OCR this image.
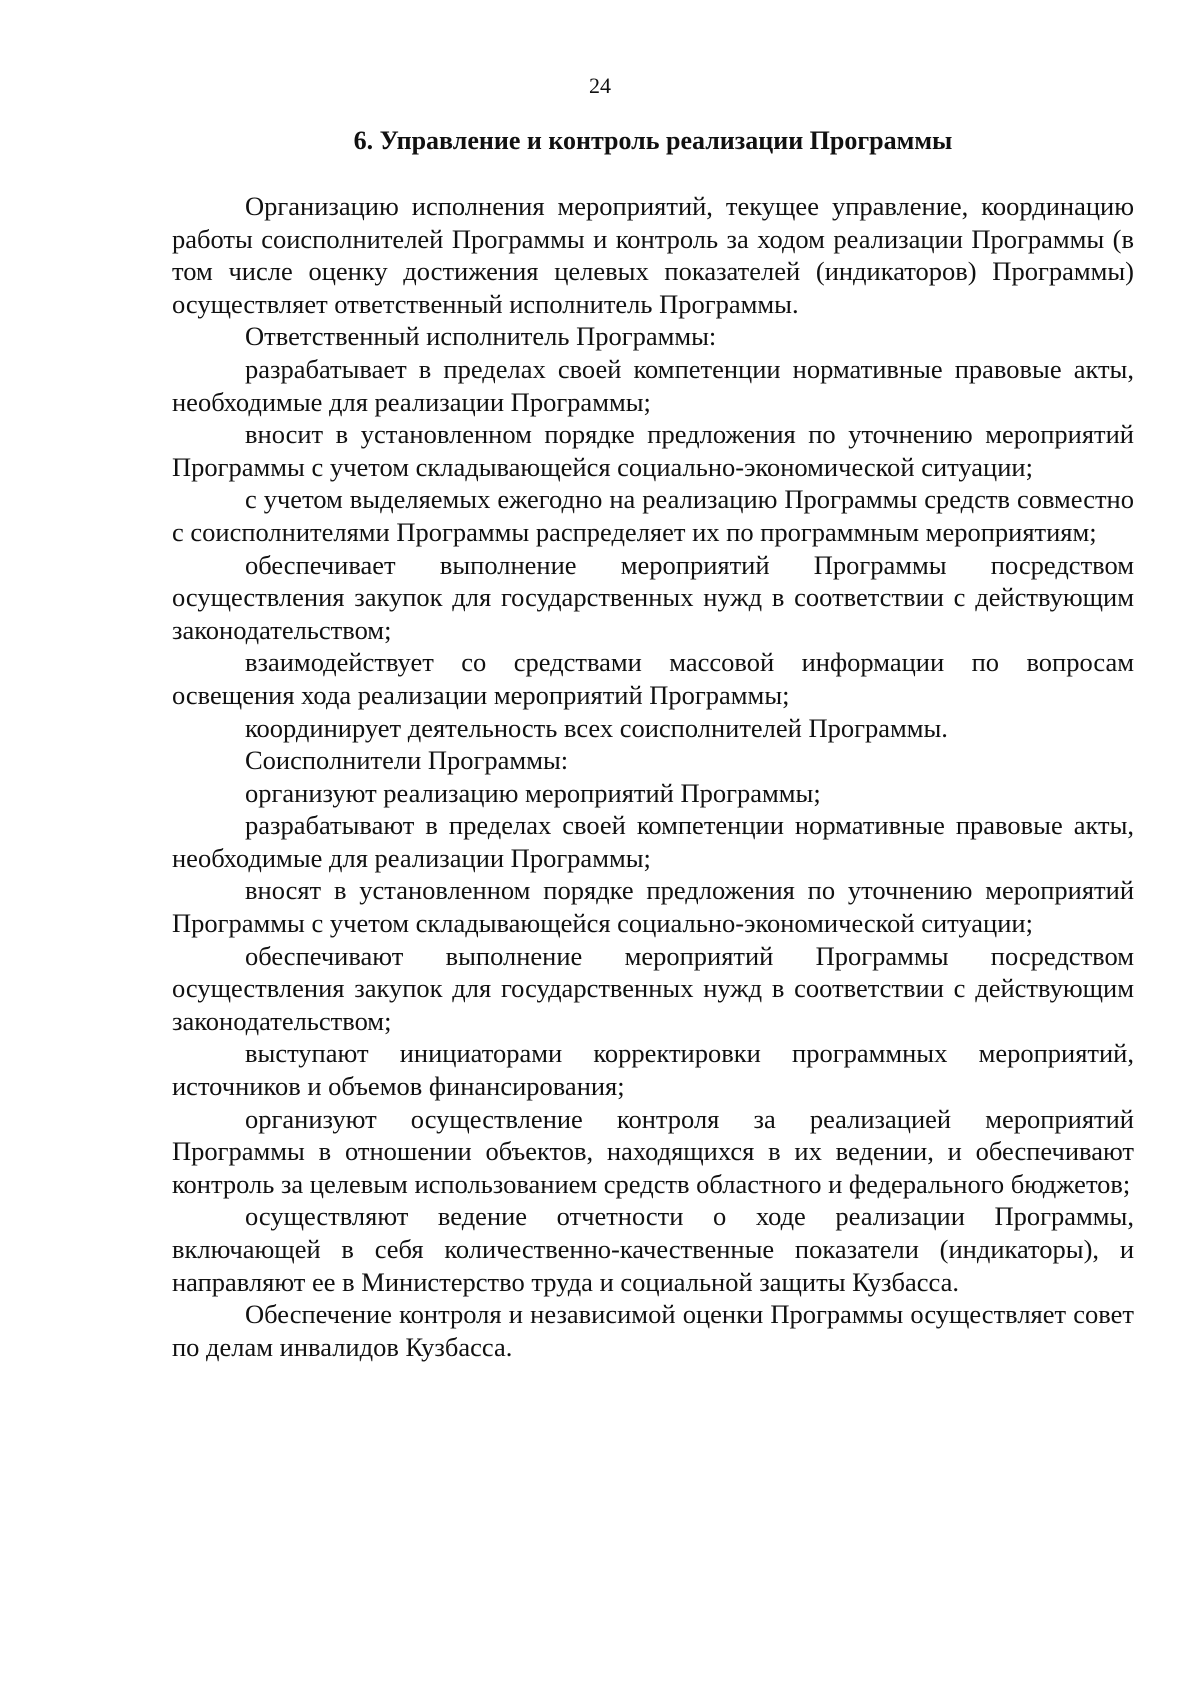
24
6. Управление и контроль реализации Программы

Организацию исполнения мероприятий, текущее управление, координацию работы соисполнителей Программы и контроль за ходом реализации Программы (в том числе оценку достижения целевых показателей (индикаторов) Программы) осуществляет ответственный исполнитель Программы.

Ответственный исполнитель Программы:

разрабатывает в пределах своей компетенции нормативные правовые акты, необходимые для реализации Программы;

вносит в установленном порядке предложения по уточнению мероприятий Программы с учетом складывающейся социально-экономической ситуации;

с учетом выделяемых ежегодно на реализацию Программы средств совместно с соисполнителями Программы распределяет их по программным мероприятиям;

обеспечивает выполнение мероприятий Программы посредством осуществления закупок для государственных нужд в соответствии с действующим законодательством;

взаимодействует со средствами массовой информации по вопросам освещения хода реализации мероприятий Программы;

координирует деятельность всех соисполнителей Программы.

Соисполнители Программы:

организуют реализацию мероприятий Программы;

разрабатывают в пределах своей компетенции нормативные правовые акты, необходимые для реализации Программы;

вносят в установленном порядке предложения по уточнению мероприятий Программы с учетом складывающейся социально-экономической ситуации;

обеспечивают выполнение мероприятий Программы посредством осуществления закупок для государственных нужд в соответствии с действующим законодательством;

выступают инициаторами корректировки программных мероприятий, источников и объемов финансирования;

организуют осуществление контроля за реализацией мероприятий Программы в отношении объектов, находящихся в их ведении, и обеспечивают контроль за целевым использованием средств областного и федерального бюджетов;

осуществляют ведение отчетности о ходе реализации Программы, включающей в себя количественно-качественные показатели (индикаторы), и направляют ее в Министерство труда и социальной защиты Кузбасса.

Обеспечение контроля и независимой оценки Программы осуществляет совет по делам инвалидов Кузбасса.
